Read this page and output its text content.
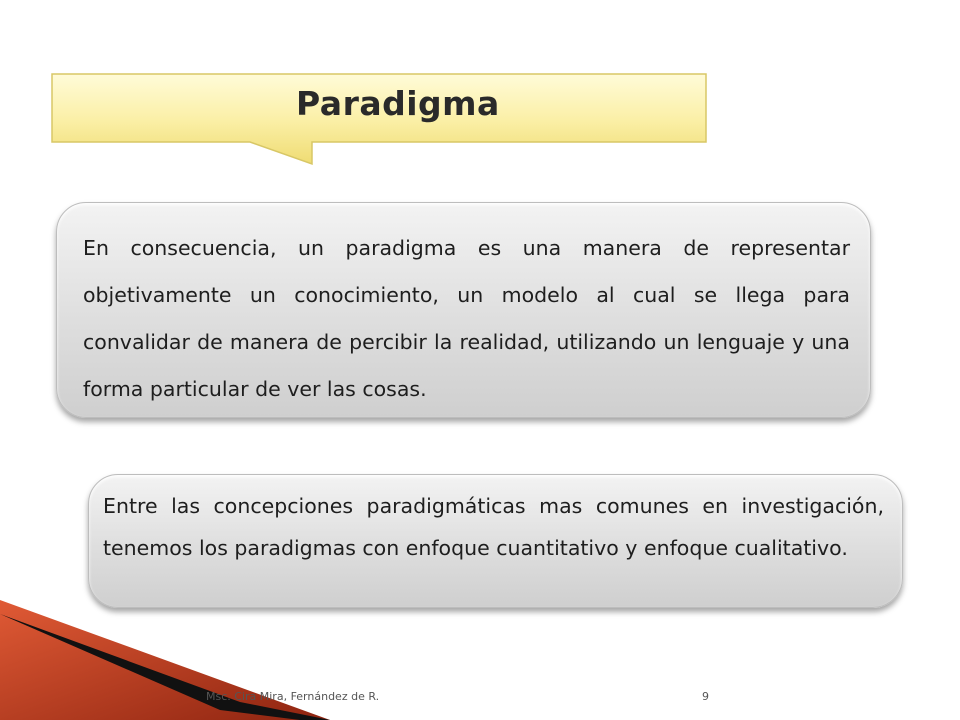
Paradigma
En consecuencia, un paradigma es una manera de representar objetivamente un conocimiento, un modelo al cual se llega para convalidar de manera de percibir la realidad, utilizando un lenguaje y una forma particular de ver las cosas.
Entre las concepciones paradigmáticas mas comunes en investigación, tenemos los paradigmas con enfoque cuantitativo y enfoque cualitativo.
Msc. Cira Mira, Fernández de R.	9
